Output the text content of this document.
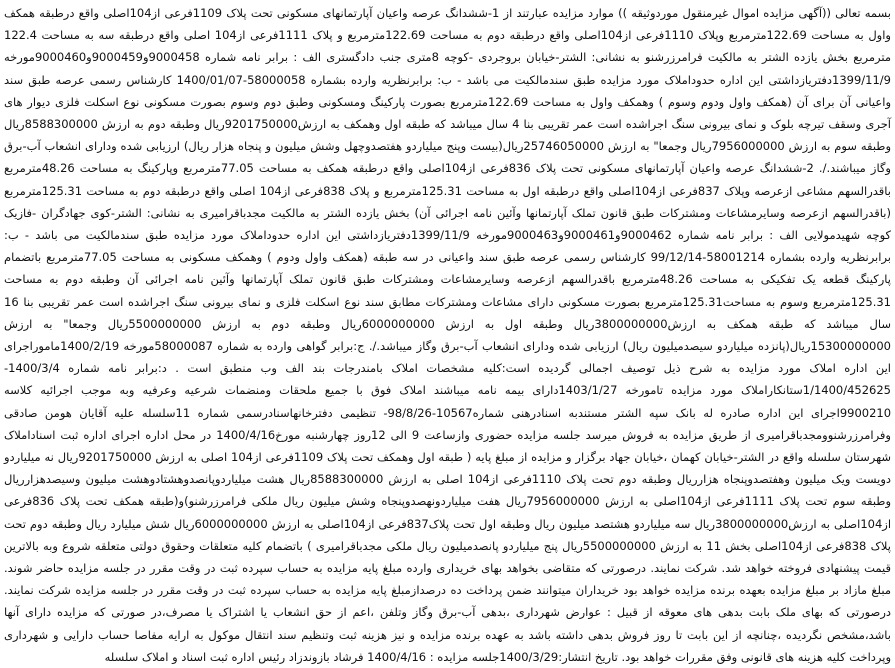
بسمه تعالی ((آگهی مزایده اموال غیرمنقول موردوثیقه )) موارد مزایده عبارتند از 1-ششدانگ عرصه واعیان آپارتمانهای مسکونی تحت پلاک 1109فرعی از104اصلی واقع درطبقه همکف واول به مساحت 122.69مترمربع وپلاک 1110فرعی از104اصلی واقع درطبقه دوم به مساحت 122.69مترمربع و پلاک 1111فرعی از104 اصلی واقع درطبقه سه به مساحت 122.4 مترمربع بخش یازده الشتر به مالکیت فرامرزرشنو به نشانی: الشتر-خیابان بروجردی -کوچه 8متری جنب دادگستری الف : برابر نامه شماره 9000458و9000459و9000460مورخه 1399/11/9دفتریازداشتی این اداره حدوداملاک مورد مزایده طبق سندمالکیت می باشد - ب: برابرنظریه وارده بشماره 58000058-1400/01/07 کارشناس رسمی عرصه طبق سند واعیانی آن برای آن (همکف واول ودوم وسوم ) وهمکف واول به مساحت 122.69مترمربع بصورت پارکینگ ومسکونی وطبق دوم وسوم بصورت مسکونی نوع اسکلت فلزی دیوار های آجری وسقف تیرچه بلوک و نمای بیرونی سنگ اجراشده است عمر تقریبی بنا 4 سال میباشد که طبقه اول وهمکف به ارزش9201750000ریال وطبقه دوم به ارزش 8588300000ریال وطبقه سوم به ارزش 7956000000ریال وجمعا" به ارزش 25746050000ریال(بیست وپنج میلیاردو هفتصدوچهل وشش میلیون و پنجاه هزار ریال) ارزیابی شده ودارای انشعاب آب-برق وگاز میباشند./. 2-ششدانگ عرصه واعیان آپارتمانهای مسکونی تحت پلاک 836فرعی از104اصلی واقع درطبقه همکف به مساحت 77.05مترمربع وپارکینگ به مساحت 48.26مترمربع باقدرالسهم مشاعی ازعرصه وپلاک 837فرعی از104اصلی واقع درطبقه اول به مساحت 125.31مترمربع و پلاک 838فرعی از104 اصلی واقع درطبقه دوم به مساحت 125.31مترمربع (باقدرالسهم ازعرصه وسایرمشاعات ومشترکات طبق قانون تملک آپارتمانها وآئین نامه اجرائی آن) بخش یازده الشتر به مالکیت مجدباقرامیری به نشانی: الشتر-کوی جهادگران -فازیک کوچه شهیدمولایی الف : برابر نامه شماره 9000462و9000461و9000463مورخه 1399/11/9دفتریازداشتی این اداره حدوداملاک مورد مزایده طبق سندمالکیت می باشد - ب: برابرنظریه وارده بشماره 58001214-99/12/14 کارشناس رسمی عرصه طبق سند واعیانی در سه طبقه (همکف واول ودوم ) وهمکف مسکونی به مساحت 77.05مترمربع باتضمام پارکینگ قطعه یک تفکیکی به مساحت 48.26مترمربع باقدرالسهم ازعرصه وسایرمشاعات ومشترکات طبق قانون تملک آپارتمانها وآئین نامه اجرائی آن وطبقه دوم به مساحت 125.31مترمربع وسوم به مساحت125.31مترمربع بصورت مسکونی دارای مشاعات ومشترکات مطابق سند نوع اسکلت فلزی و نمای بیرونی سنگ اجراشده است عمر تقریبی بنا 16 سال میباشد که طبقه همکف به ارزش3800000000ریال وطبقه اول به ارزش 6000000000ریال وطبقه دوم به ارزش 5500000000ریال وجمعا" به ارزش 15300000000ریال(پانزده میلیاردو سیصدمیلیون ریال) ارزیابی شده ودارای انشعاب آب-برق وگاز میباشد./. ج:برابر گواهی وارده به شماره 58000087مورخه 1400/2/19ماموراجرای این اداره املاک مورد مزایده به شرح ذیل توصیف اجمالی گردیده است:کلیه مشخصات املاک بامندرجات بند الف وب منطبق است . د:برابر نامه شماره 1400/3/4-1/1400/452625ستانکاراملاک مورد مزایده تامورخه 1403/1/27دارای بیمه نامه میباشند املاک فوق با جمیع ملحقات ومنضمات شرعیه وعرفیه وبه موجب اجرائیه کلاسه 9900210اجرای این اداره صادره له بانک سپه الشتر مستندبه اسنادرهنی شماره10567-98/8/26- تنظیمی دفترخانهاسنادرسمی شماره 11سلسله علیه آقایان هومن صادقی وفرامرزرشنوومجدباقرامیری از طریق مزایده به فروش میرسد جلسه مزایده حضوری وازساعت 9 الی 12روز چهارشنبه مورخ1400/4/16 در محل اداره اجرای اداره ثبت اسناداملاک شهرستان سلسله واقع در الشتر-خیابان کهمان ،خیابان جهاد برگزار و مزایده از مبلغ پایه ( طبقه اول وهمکف تحت پلاک 1109فرعی از104 اصلی به ارزش 9201750000ریال نه میلیاردو دویست ویک میلیون وهفتصدوپنجاه هزارریال وطبقه دوم تحت پلاک 1110فرعی از104 اصلی به ارزش 8588300000ریال هشت میلیاردوپانصدوهشتادوهشت میلیون وسیصدهزارریال وطبقه سوم تحت پلاک 1111فرعی از104اصلی به ارزش 7956000000ریال هفت میلیاردونهصدوپنجاه وشش میلیون ریال ملکی فرامرزرشنو)و(طبقه همکف تحت پلاک 836فرعی از104اصلی به ارزش3800000000ریال سه میلیاردو هشتصد میلیون ریال وطبقه اول تحت پلاک837فرعی از104اصلی به ارزش 6000000000ریال شش میلیارد ریال وطبقه دوم تحت پلاک 838فرعی از104اصلی بخش 11 به ارزش 5500000000ریال پنج میلیاردو پانصدمیلیون ریال ملکی مجدباقرامیری ) باتضمام کلیه متعلقات وحقوق دولتی متعلقه شروع وبه بالاترین قیمت پیشنهادی فروخته خواهد شد. شرکت نمایند. درصورتی که متقاضی بخواهد بهای خریداری وارده مبلغ پایه مزایده به حساب سپرده ثبت در وقت مقرر در جلسه مزایده حاضر شوند. مبلغ مازاد بر مبلغ مزایده بعهده برنده مزایده خواهد بود خریداران میتوانند ضمن پرداخت ده درصدازمبلغ پایه مزایده به حساب سپرده ثبت در وقت مقرر در جلسه مزایده شرکت نمایند. درصورتی که بهای ملک بابت بدهی های معوقه از قبیل : عوارض شهرداری ،بدهی آب-برق وگاز وتلفن ،اعم از حق انشعاب یا اشتراک یا مصرف،در صورتی که مزایده دارای آنها باشد،مشخص نگردیده ،چنانچه از این بابت تا روز فروش بدهی داشته باشد به عهده برنده مزایده و نیز هزینه ثبت وتنظیم سند انتقال موکول به ارایه مفاصا حساب دارایی و شهرداری وپرداخت کلیه هزینه های قانونی وفق مقررات خواهد بود. تاریخ انتشار:1400/3/29جلسه مزایده : 1400/4/16 فرشاد بازوندزاد رئیس اداره ثبت اسناد و املاک سلسله
